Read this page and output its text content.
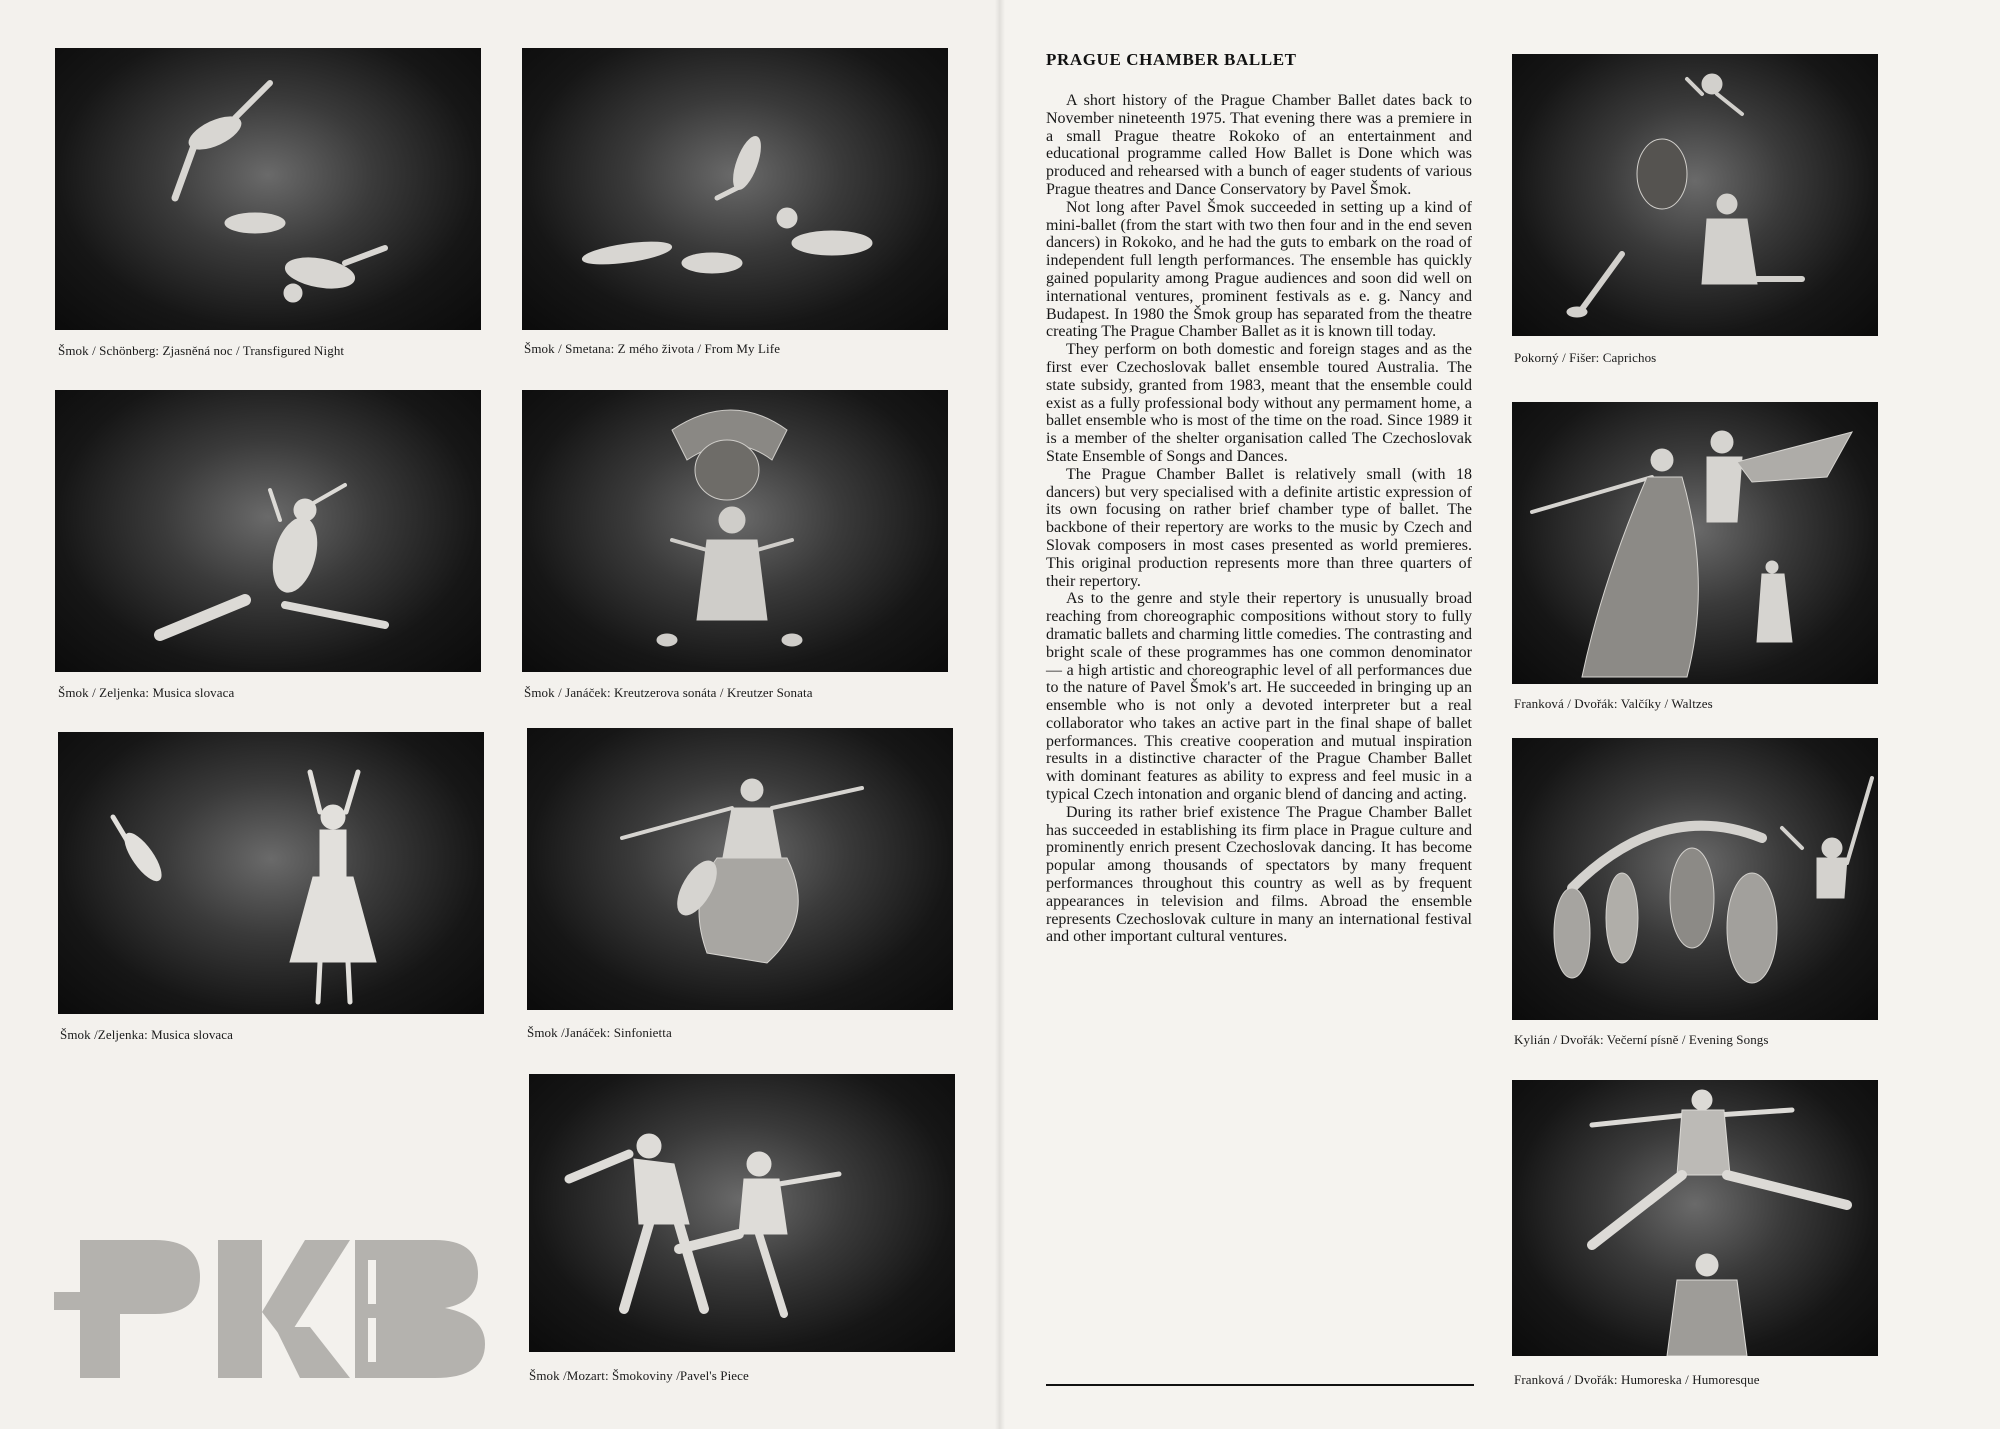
Šmok / Schönberg: Zjasněná noc / Transfigured Night	Šmok / Smetana: Z mého života / From My Life
Šmok / Zeljenka: Musica slovaca	Šmok / Janáček: Kreutzerova sonáta / Kreutzer Sonata
Šmok /Zeljenka: Musica slovaca	Šmok /Janáček: Sinfonietta
Šmok /Mozart: Šmokoviny /Pavel's Piece
PKB
PRAGUE CHAMBER BALLET

A short history of the Prague Chamber Ballet dates back to November nineteenth 1975. That evening there was a premiere in a small Prague theatre Rokoko of an entertainment and educational programme called How Ballet is Done which was produced and rehearsed with a bunch of eager students of various Prague theatres and Dance Conservatory by Pavel Šmok.

Not long after Pavel Šmok succeeded in setting up a kind of mini-ballet (from the start with two then four and in the end seven dancers) in Rokoko, and he had the guts to embark on the road of independent full length performances. The ensemble has quickly gained popularity among Prague audiences and soon did well on international ventures, prominent festivals as e. g. Nancy and Budapest. In 1980 the Šmok group has separated from the theatre creating The Prague Chamber Ballet as it is known till today.

They perform on both domestic and foreign stages and as the first ever Czechoslovak ballet ensemble toured Australia. The state subsidy, granted from 1983, meant that the ensemble could exist as a fully professional body without any permament home, a ballet ensemble who is most of the time on the road. Since 1989 it is a member of the shelter organisation called The Czechoslovak State Ensemble of Songs and Dances.

The Prague Chamber Ballet is relatively small (with 18 dancers) but very specialised with a definite artistic expression of its own focusing on rather brief chamber type of ballet. The backbone of their repertory are works to the music by Czech and Slovak composers in most cases presented as world premieres. This original production represents more than three quarters of their repertory.

As to the genre and style their repertory is unusually broad reaching from choreographic compositions without story to fully dramatic ballets and charming little comedies. The contrasting and bright scale of these programmes has one common denominator — a high artistic and choreographic level of all performances due to the nature of Pavel Šmok's art. He succeeded in bringing up an ensemble who is not only a devoted interpreter but a real collaborator who takes an active part in the final shape of ballet performances. This creative cooperation and mutual inspiration results in a distinctive character of the Prague Chamber Ballet with dominant features as ability to express and feel music in a typical Czech intonation and organic blend of dancing and acting.

During its rather brief existence The Prague Chamber Ballet has succeeded in establishing its firm place in Prague culture and prominently enrich present Czechoslovak dancing. It has become popular among thousands of spectators by many frequent performances throughout this country as well as by frequent appearances in television and films. Abroad the ensemble represents Czechoslovak culture in many an international festival and other important cultural ventures.

Pokorný / Fišer: Caprichos
Franková / Dvořák: Valčíky / Waltzes
Kylián / Dvořák: Večerní písně / Evening Songs
Franková / Dvořák: Humoreska / Humoresque
